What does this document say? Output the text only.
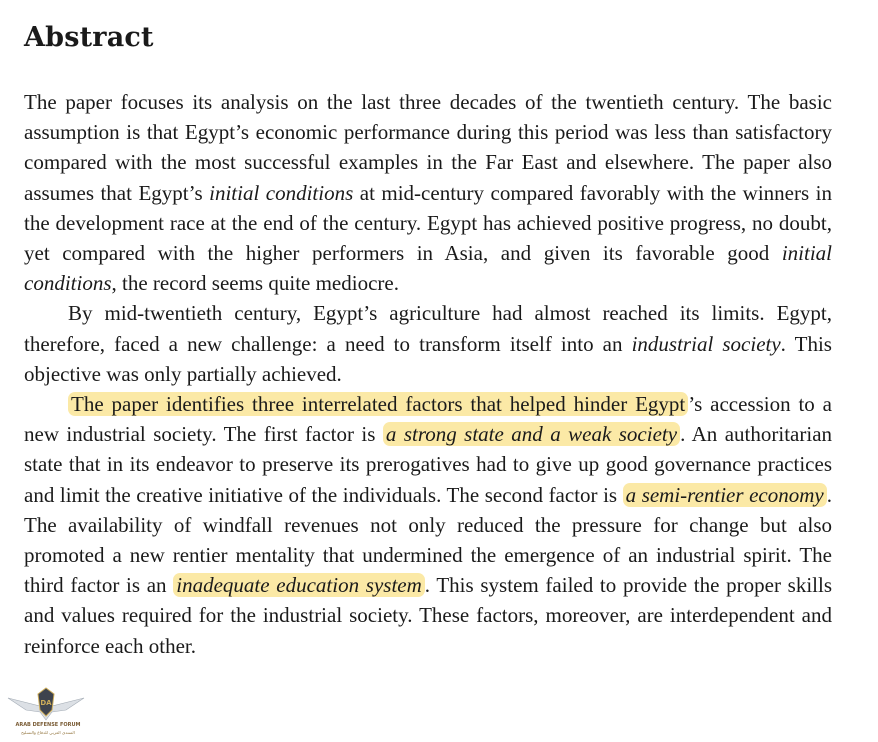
Abstract

The paper focuses its analysis on the last three decades of the twentieth century. The basic assumption is that Egypt’s economic performance during this period was less than satisfactory compared with the most successful examples in the Far East and elsewhere. The paper also assumes that Egypt’s initial conditions at mid-century compared favorably with the winners in the development race at the end of the century. Egypt has achieved positive progress, no doubt, yet compared with the higher performers in Asia, and given its favorable good initial conditions, the record seems quite mediocre.

By mid-twentieth century, Egypt’s agriculture had almost reached its limits. Egypt, therefore, faced a new challenge: a need to transform itself into an industrial society. This objective was only partially achieved.

The paper identifies three interrelated factors that helped hinder Egypt ’s accession to a new industrial society. The first factor is a strong state and a weak society . An authoritarian state that in its endeavor to preserve its prerogatives had to give up good governance practices and limit the creative initiative of the individuals. The second factor is a semi-rentier economy . The availability of windfall revenues not only reduced the pressure for change but also promoted a new rentier mentality that undermined the emergence of an industrial spirit. The third factor is an inadequate education system . This system failed to provide the proper skills and values required for the industrial society. These factors, moreover, are interdependent and reinforce each other.

DA
ARAB DEFENSE FORUM
المنتدى العربي للدفاع والتسليح
